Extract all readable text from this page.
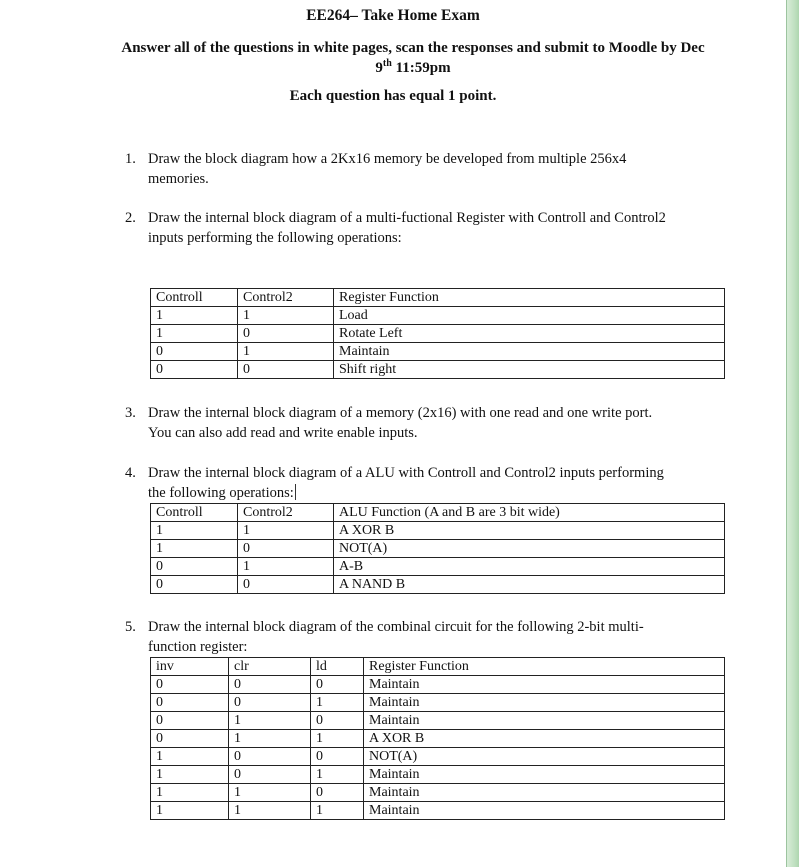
EE264– Take Home Exam
Answer all of the questions in white pages, scan the responses and submit to Moodle by Dec
9th 11:59pm
Each question has equal 1 point.
1. Draw the block diagram how a 2Kx16 memory be developed from multiple 256x4
memories.
2. Draw the internal block diagram of a multi-fuctional Register with Controll and Control2
inputs performing the following operations:
Controll	Control2	Register Function
1	1	Load
1	0	Rotate Left
0	1	Maintain
0	0	Shift right
3. Draw the internal block diagram of a memory (2x16) with one read and one write port.
You can also add read and write enable inputs.
4. Draw the internal block diagram of a ALU with Controll and Control2 inputs performing
the following operations:
Controll	Control2	ALU Function (A and B are 3 bit wide)
1	1	A XOR B
1	0	NOT(A)
0	1	A-B
0	0	A NAND B
5. Draw the internal block diagram of the combinal circuit for the following 2-bit multi-
function register:
inv	clr	ld	Register Function
0	0	0	Maintain
0	0	1	Maintain
0	1	0	Maintain
0	1	1	A XOR B
1	0	0	NOT(A)
1	0	1	Maintain
1	1	0	Maintain
1	1	1	Maintain
